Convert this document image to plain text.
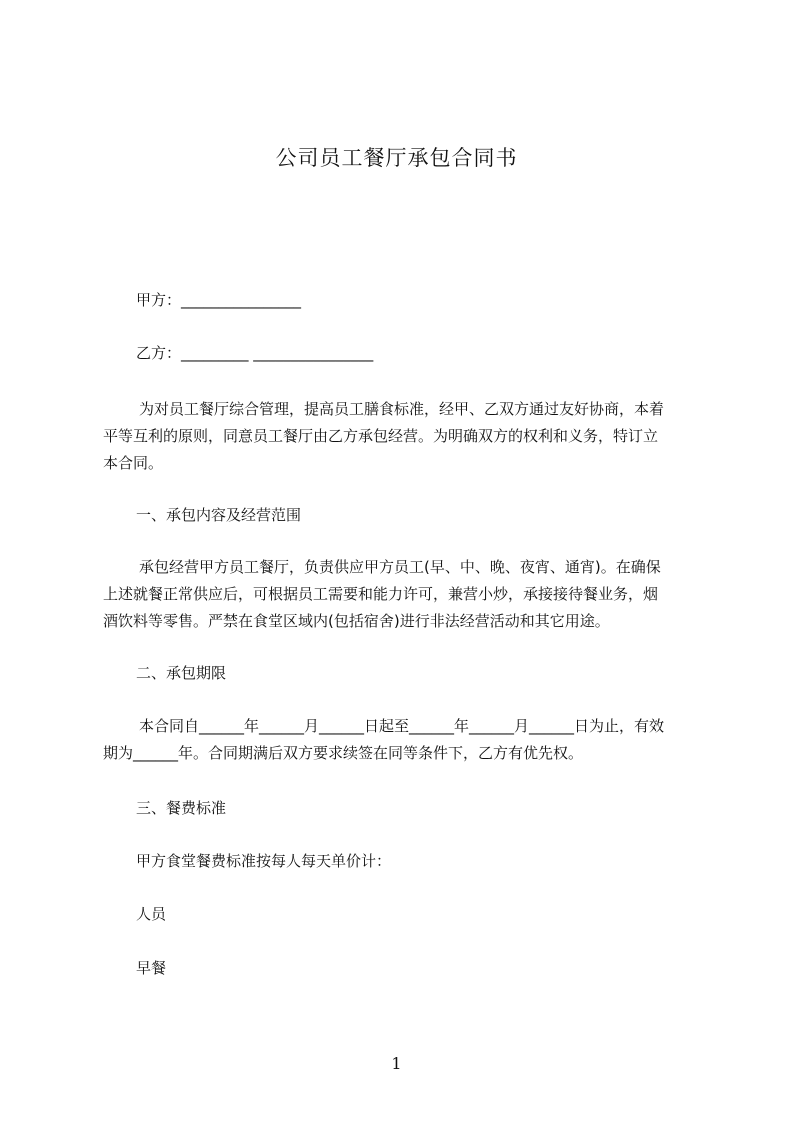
公司员工餐厅承包合同书
甲方：________________
乙方：_________ ________________
为对员工餐厅综合管理，提高员工膳食标准，经甲、乙双方通过友好协商，本着
平等互利的原则，同意员工餐厅由乙方承包经营。为明确双方的权利和义务，特订立
本合同。
一、承包内容及经营范围
承包经营甲方员工餐厅，负责供应甲方员工(早、中、晚、夜宵、通宵)。在确保
上述就餐正常供应后，可根据员工需要和能力许可，兼营小炒，承接接待餐业务，烟
酒饮料等零售。严禁在食堂区域内(包括宿舍)进行非法经营活动和其它用途。
二、承包期限
本合同自______年______月______日起至______年______月______日为止，有效
期为______年。合同期满后双方要求续签在同等条件下，乙方有优先权。
三、餐费标准
甲方食堂餐费标准按每人每天单价计：
人员
早餐
1
